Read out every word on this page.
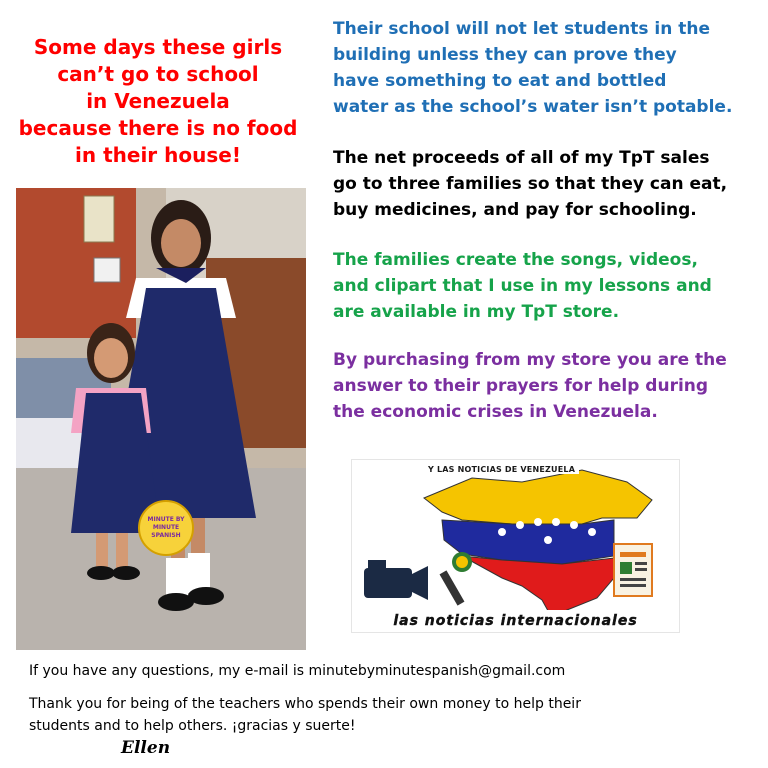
Some days these girls
can’t go to school
in Venezuela
because there is no food
in their house!
Their school will not let students in the
building unless they can prove they
have something to eat and bottled
water as the school’s water isn’t potable.
The net proceeds of all of my TpT sales
go to three families so that they can eat,
buy medicines, and pay for schooling.
The families create the songs, videos,
and clipart that I use in my lessons and
are available in my TpT store.
By purchasing from my store you are the
answer to their prayers for help during
the economic crises in Venezuela.
MINUTE BY
MINUTE
SPANISH
Y LAS NOTICIAS DE VENEZUELA
las noticias internacionales

If you have any questions, my e-mail is minutebyminutespanish@gmail.com

Thank you for being of the teachers who spends their own money to help their
students and to help others. ¡gracias y suerte!
Ellen
